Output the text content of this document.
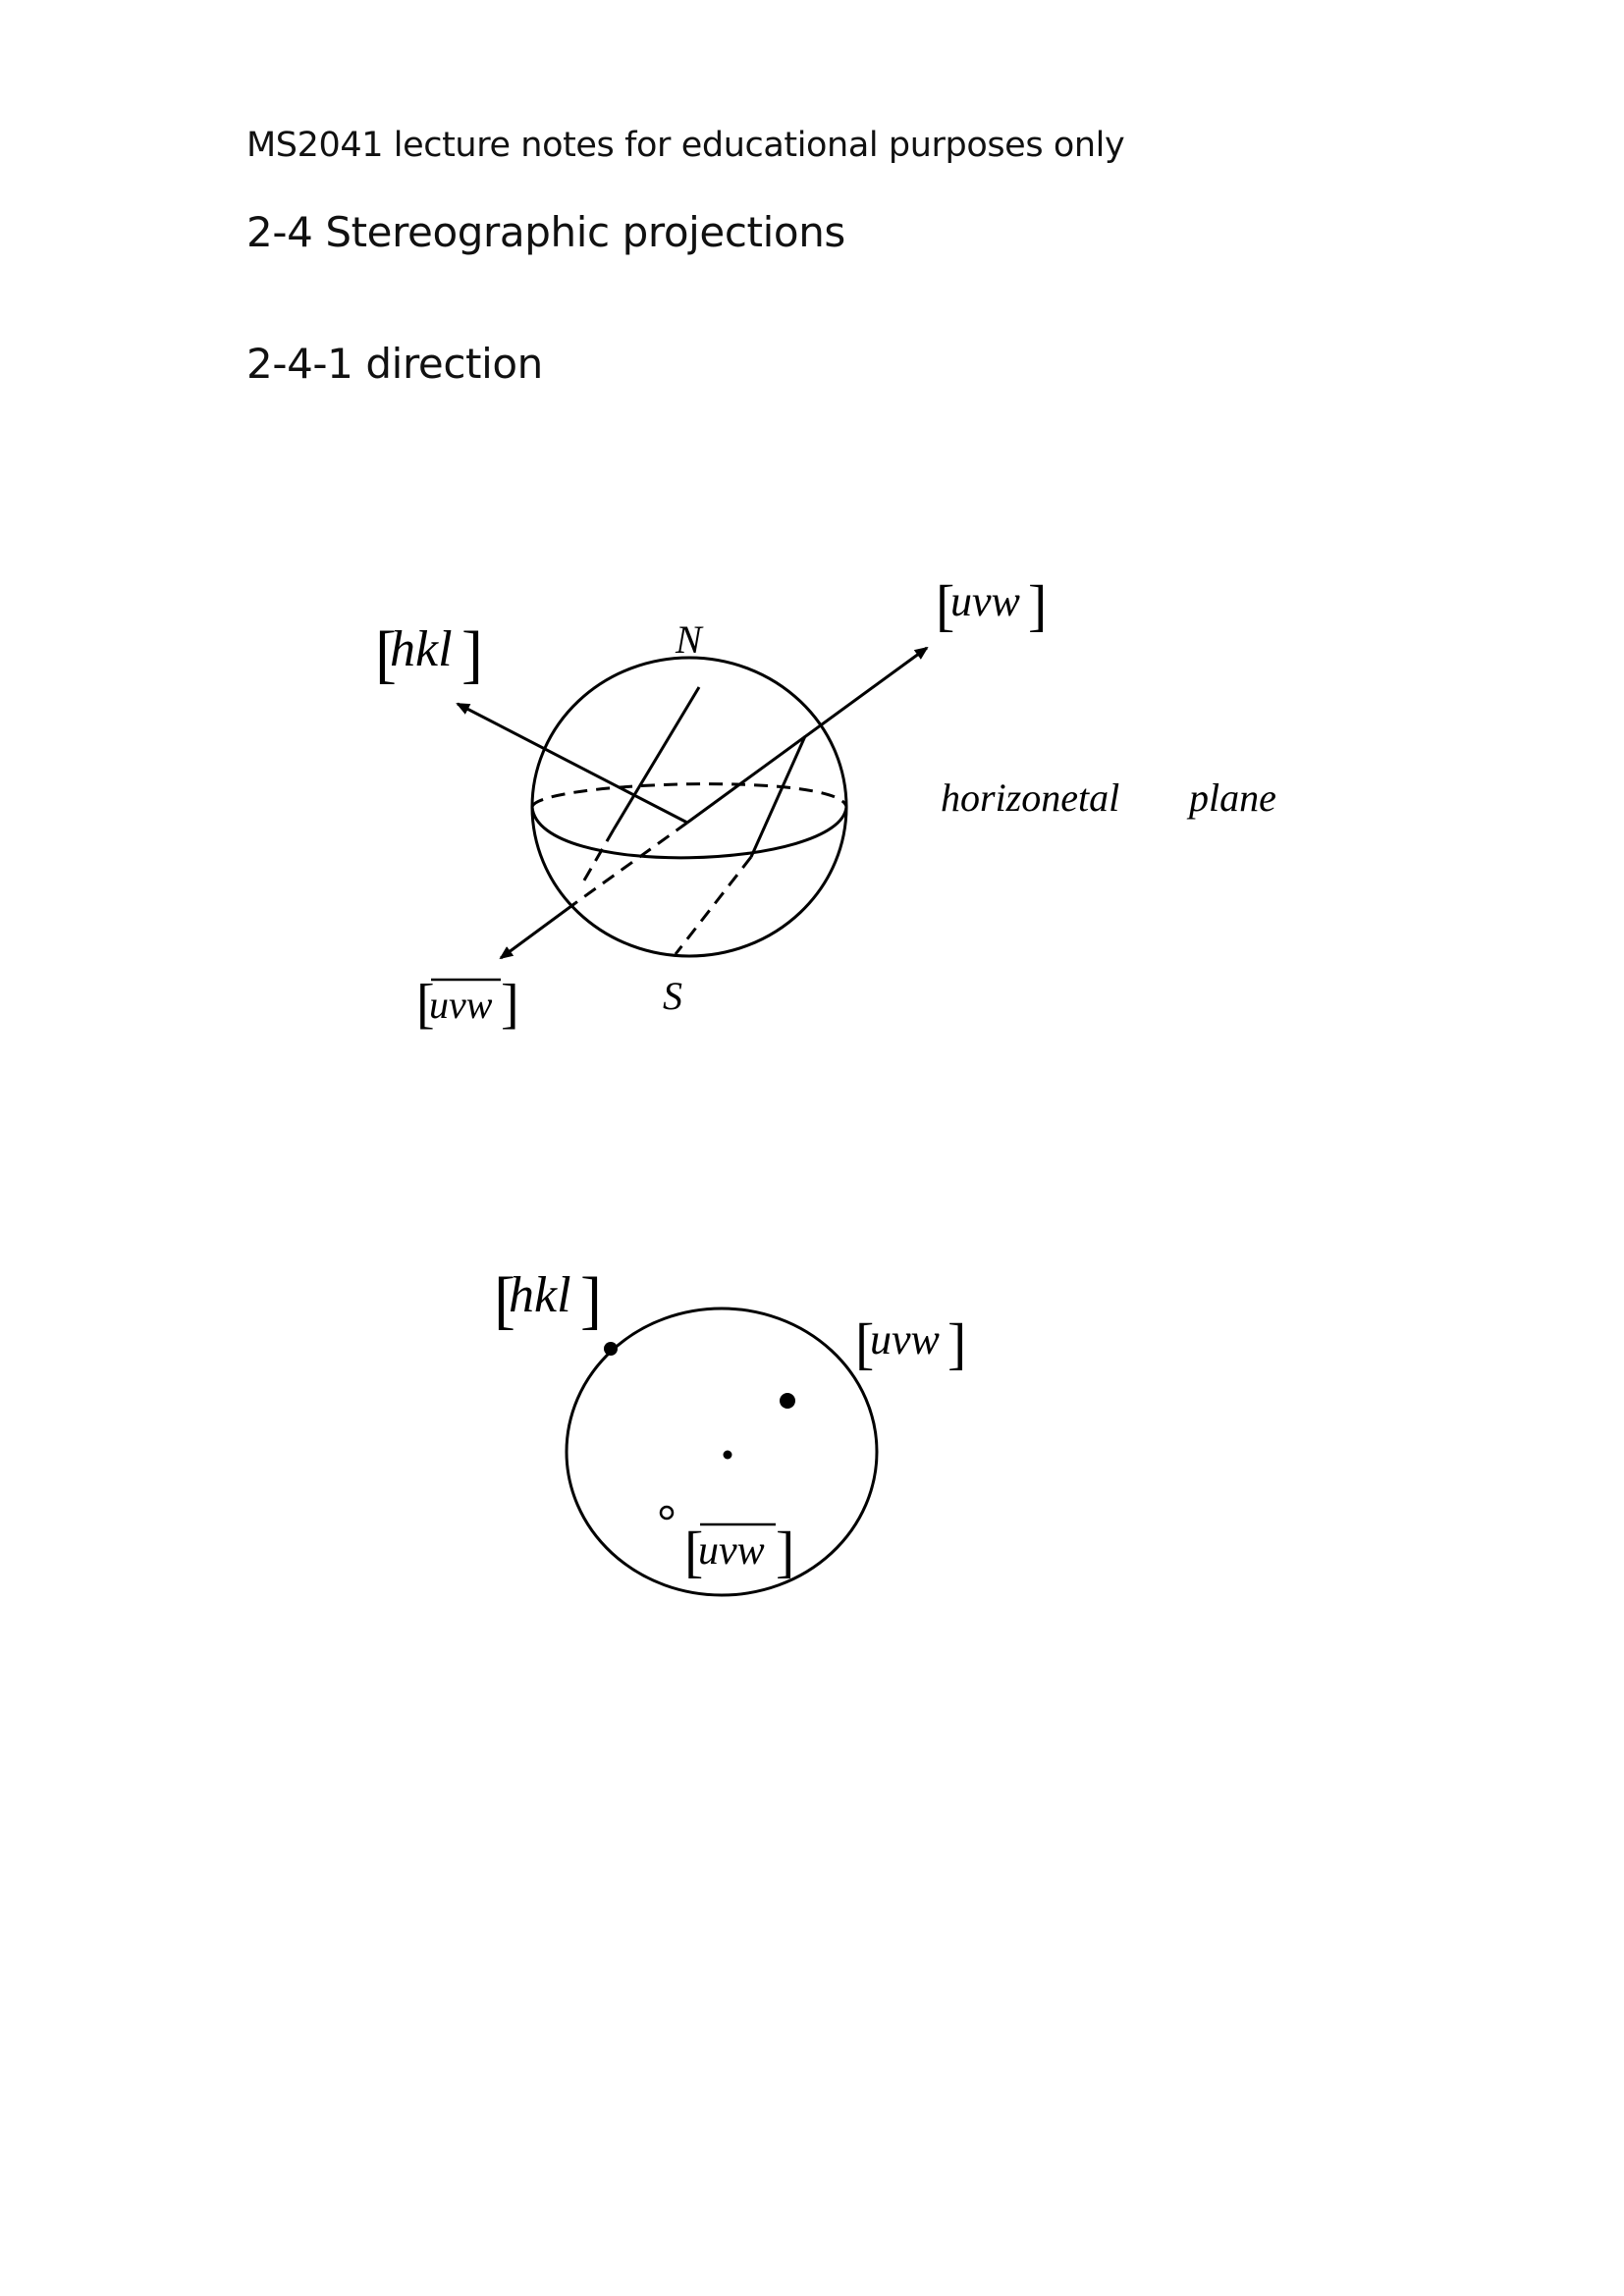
MS2041 lecture notes for educational purposes only
2-4 Stereographic projections
2-4-1 direction
[
hkl ]
[
uvw ]
N
S
horizonetal plane
[
uvw ]
[
hkl ]
[
uvw ]
[
uvw ]
